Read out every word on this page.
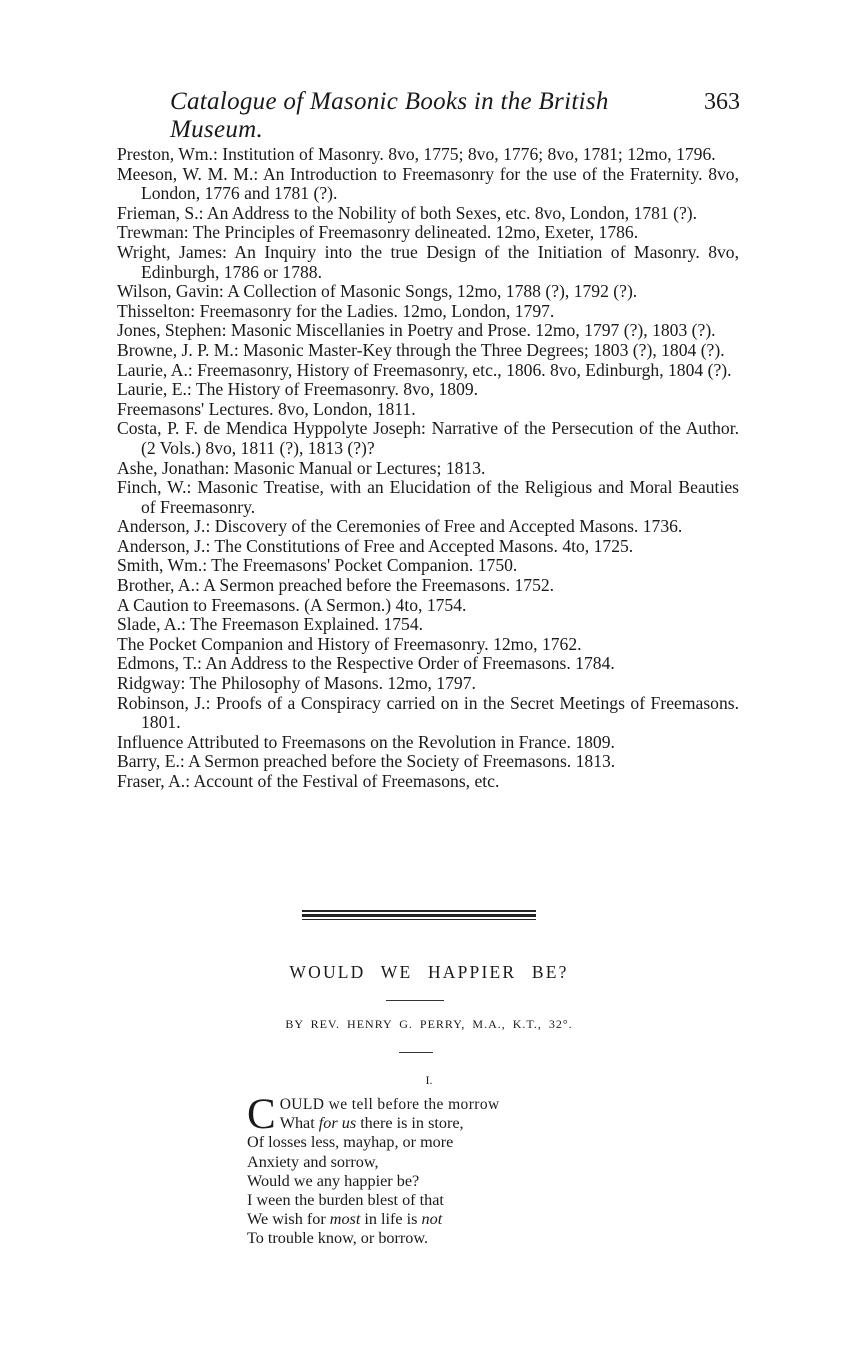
Catalogue of Masonic Books in the British Museum.
363
Preston, Wm.: Institution of Masonry. 8vo, 1775; 8vo, 1776; 8vo, 1781; 12mo, 1796.
Meeson, W. M. M.: An Introduction to Freemasonry for the use of the Fraternity. 8vo, London, 1776 and 1781 (?).
Frieman, S.: An Address to the Nobility of both Sexes, etc. 8vo, London, 1781 (?).
Trewman: The Principles of Freemasonry delineated. 12mo, Exeter, 1786.
Wright, James: An Inquiry into the true Design of the Initiation of Masonry. 8vo, Edinburgh, 1786 or 1788.
Wilson, Gavin: A Collection of Masonic Songs, 12mo, 1788 (?), 1792 (?).
Thisselton: Freemasonry for the Ladies. 12mo, London, 1797.
Jones, Stephen: Masonic Miscellanies in Poetry and Prose. 12mo, 1797 (?), 1803 (?).
Browne, J. P. M.: Masonic Master-Key through the Three Degrees; 1803 (?), 1804 (?).
Laurie, A.: Freemasonry, History of Freemasonry, etc., 1806. 8vo, Edinburgh, 1804 (?).
Laurie, E.: The History of Freemasonry. 8vo, 1809.
Freemasons' Lectures. 8vo, London, 1811.
Costa, P. F. de Mendica Hyppolyte Joseph: Narrative of the Persecution of the Author. (2 Vols.) 8vo, 1811 (?), 1813 (?)?
Ashe, Jonathan: Masonic Manual or Lectures; 1813.
Finch, W.: Masonic Treatise, with an Elucidation of the Religious and Moral Beauties of Freemasonry.
Anderson, J.: Discovery of the Ceremonies of Free and Accepted Masons. 1736.
Anderson, J.: The Constitutions of Free and Accepted Masons. 4to, 1725.
Smith, Wm.: The Freemasons' Pocket Companion. 1750.
Brother, A.: A Sermon preached before the Freemasons. 1752.
A Caution to Freemasons. (A Sermon.) 4to, 1754.
Slade, A.: The Freemason Explained. 1754.
The Pocket Companion and History of Freemasonry. 12mo, 1762.
Edmons, T.: An Address to the Respective Order of Freemasons. 1784.
Ridgway: The Philosophy of Masons. 12mo, 1797.
Robinson, J.: Proofs of a Conspiracy carried on in the Secret Meetings of Freemasons. 1801.
Influence Attributed to Freemasons on the Revolution in France. 1809.
Barry, E.: A Sermon preached before the Society of Freemasons. 1813.
Fraser, A.: Account of the Festival of Freemasons, etc.
WOULD WE HAPPIER BE?
BY REV. HENRY G. PERRY, M.A., K.T., 32°.
I.
C OULD we tell before the morrow
What for us there is in store,
Of losses less, mayhap, or more
Anxiety and sorrow,
Would we any happier be?
I ween the burden blest of that
We wish for most in life is not
To trouble know, or borrow.
